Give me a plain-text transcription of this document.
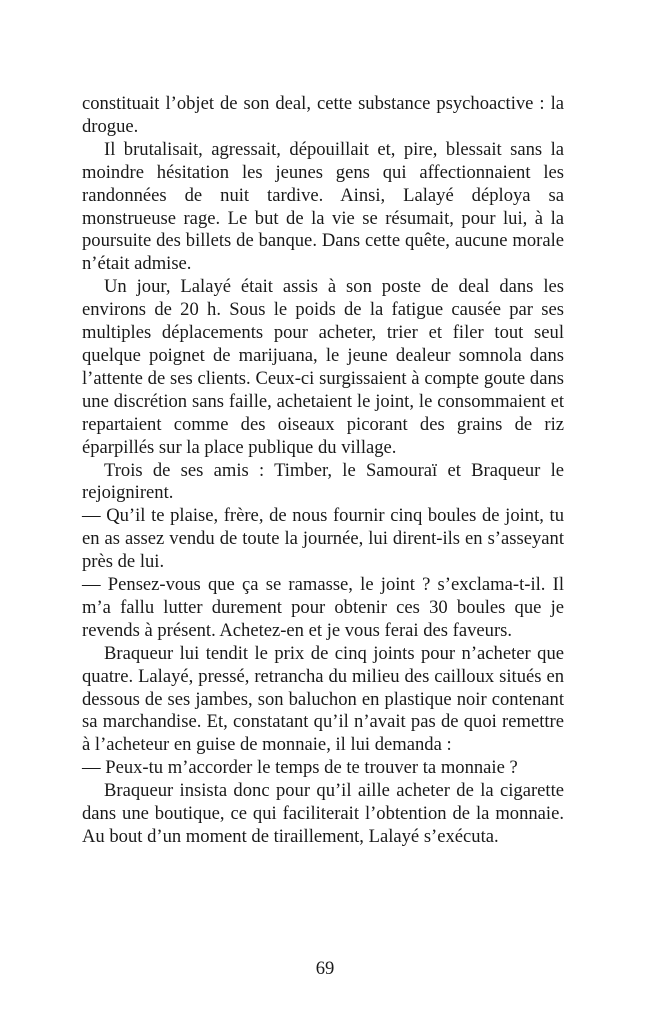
constituait l’objet de son deal, cette substance psychoactive : la drogue.

Il brutalisait, agressait, dépouillait et, pire, blessait sans la moindre hésitation les jeunes gens qui affectionnaient les randonnées de nuit tardive. Ainsi, Lalayé déploya sa monstrueuse rage. Le but de la vie se résumait, pour lui, à la poursuite des billets de banque. Dans cette quête, aucune morale n’était admise.

Un jour, Lalayé était assis à son poste de deal dans les environs de 20 h. Sous le poids de la fatigue causée par ses multiples déplacements pour acheter, trier et filer tout seul quelque poignet de marijuana, le jeune dealeur somnola dans l’attente de ses clients. Ceux-ci surgissaient à compte goute dans une discrétion sans faille, achetaient le joint, le consommaient et repartaient comme des oiseaux picorant des grains de riz éparpillés sur la place publique du village.

Trois de ses amis : Timber, le Samouraï et Braqueur le rejoignirent.

— Qu’il te plaise, frère, de nous fournir cinq boules de joint, tu en as assez vendu de toute la journée, lui dirent-ils en s’asseyant près de lui.

— Pensez-vous que ça se ramasse, le joint ? s’exclama-t-il. Il m’a fallu lutter durement pour obtenir ces 30 boules que je revends à présent. Achetez-en et je vous ferai des faveurs.

Braqueur lui tendit le prix de cinq joints pour n’acheter que quatre. Lalayé, pressé, retrancha du milieu des cailloux situés en dessous de ses jambes, son baluchon en plastique noir contenant sa marchandise. Et, constatant qu’il n’avait pas de quoi remettre à l’acheteur en guise de monnaie, il lui demanda :

— Peux-tu m’accorder le temps de te trouver ta monnaie ?

Braqueur insista donc pour qu’il aille acheter de la cigarette dans une boutique, ce qui faciliterait l’obtention de la monnaie. Au bout d’un moment de tiraillement, Lalayé s’exécuta.

69
